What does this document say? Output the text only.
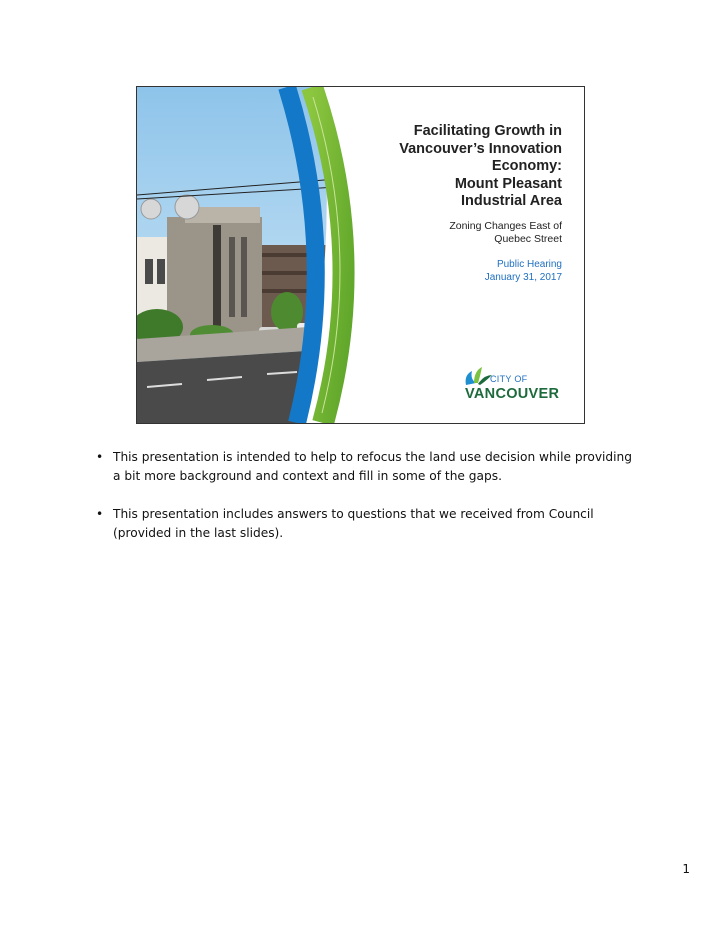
Facilitating Growth in
Vancouver’s Innovation
Economy:
Mount Pleasant
Industrial Area
Zoning Changes East of
Quebec Street
Public Hearing
January 31, 2017
CITY OF
VANCOUVER
• This presentation is intended to help to refocus the land use decision while providing a bit more background and context and fill in some of the gaps.
• This presentation includes answers to questions that we received from Council (provided in the last slides).
1
